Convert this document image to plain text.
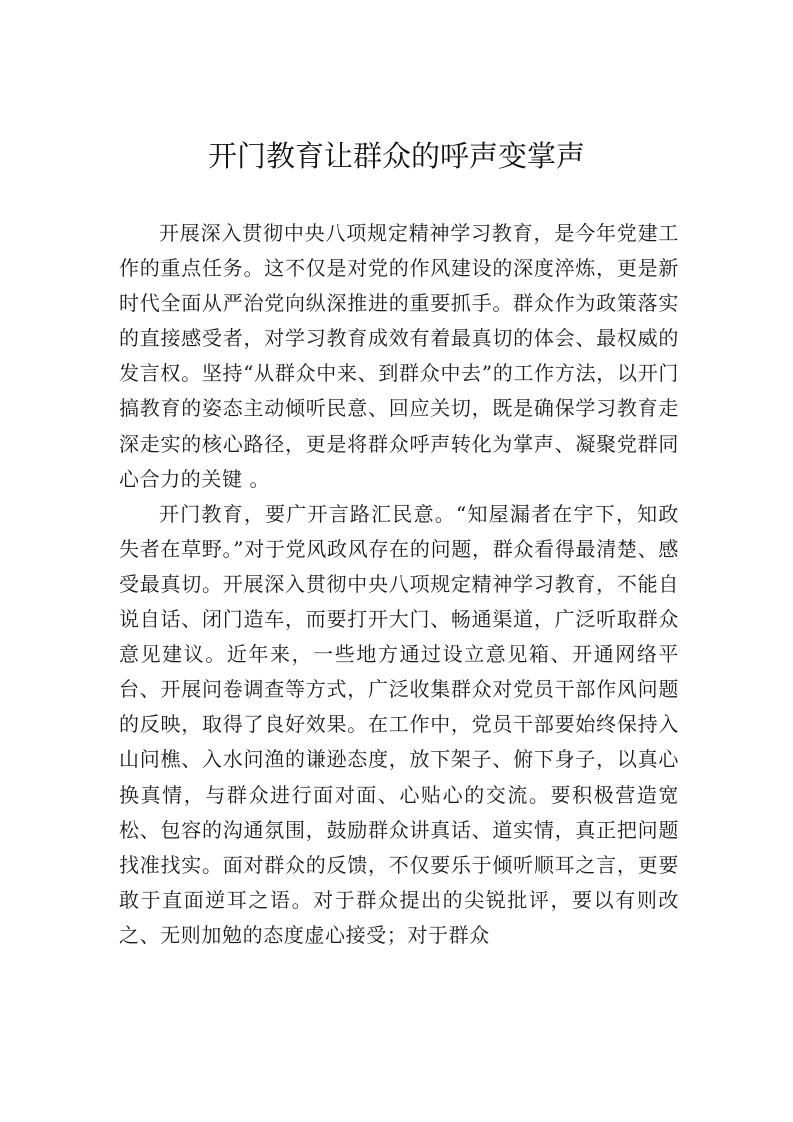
开门教育让群众的呼声变掌声

开展深入贯彻中央八项规定精神学习教育，是今年党建工作的重点任务。这不仅是对党的作风建设的深度淬炼，更是新时代全面从严治党向纵深推进的重要抓手。群众作为政策落实的直接感受者，对学习教育成效有着最真切的体会、最权威的发言权。坚持“从群众中来、到群众中去”的工作方法，以开门搞教育的姿态主动倾听民意、回应关切，既是确保学习教育走深走实的核心路径，更是将群众呼声转化为掌声、凝聚党群同心合力的关键 。

开门教育，要广开言路汇民意。“知屋漏者在宇下，知政失者在草野。”对于党风政风存在的问题，群众看得最清楚、感受最真切。开展深入贯彻中央八项规定精神学习教育，不能自说自话、闭门造车，而要打开大门、畅通渠道，广泛听取群众意见建议。近年来，一些地方通过设立意见箱、开通网络平台、开展问卷调查等方式，广泛收集群众对党员干部作风问题的反映，取得了良好效果。在工作中，党员干部要始终保持入山问樵、入水问渔的谦逊态度，放下架子、俯下身子，以真心换真情，与群众进行面对面、心贴心的交流。要积极营造宽松、包容的沟通氛围，鼓励群众讲真话、道实情，真正把问题找准找实。面对群众的反馈，不仅要乐于倾听顺耳之言，更要敢于直面逆耳之语。对于群众提出的尖锐批评，要以有则改之、无则加勉的态度虚心接受；对于群众
